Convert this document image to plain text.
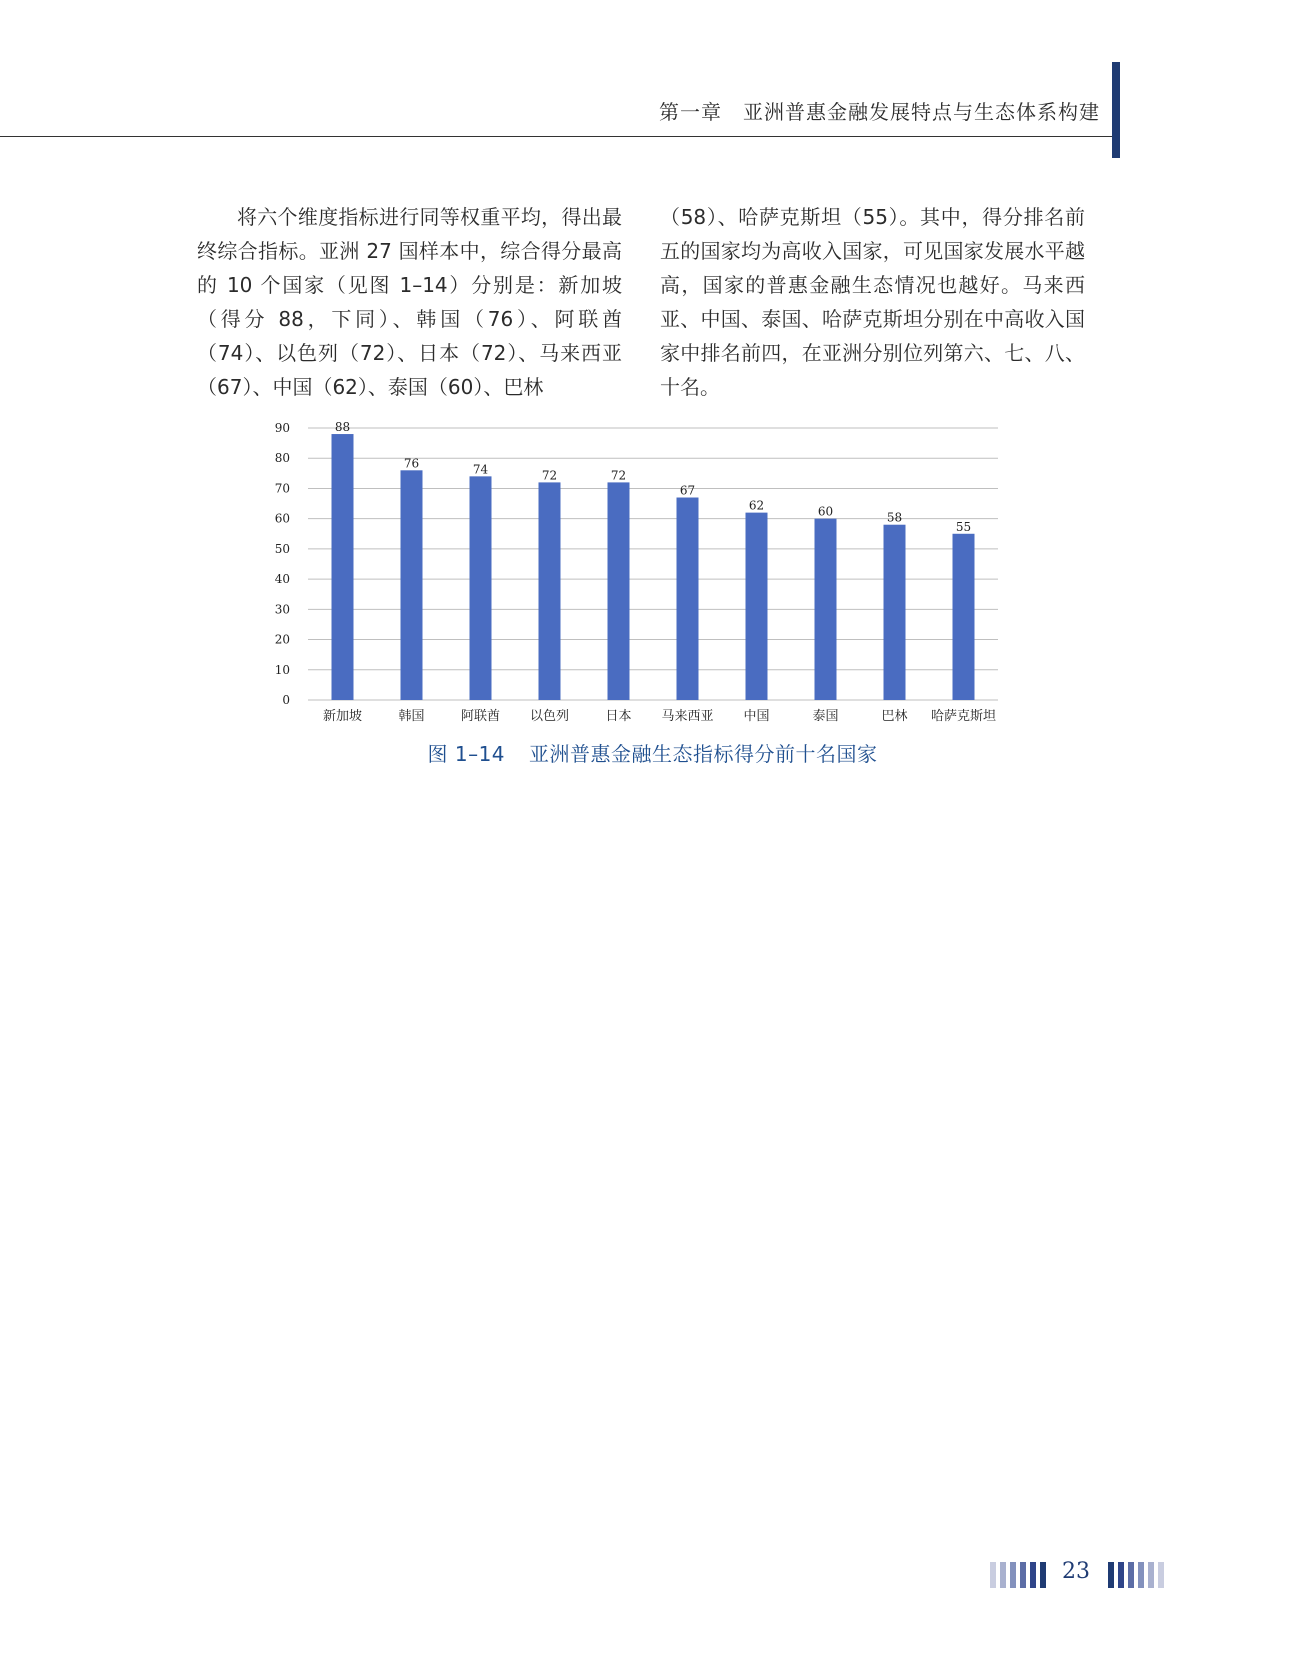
第一章　亚洲普惠金融发展特点与生态体系构建

将六个维度指标进行同等权重平均，得出最终综合指标。亚洲 27 国样本中，综合得分最高的 10 个国家（见图 1–14）分别是：新加坡（得分 88，下同）、韩国（76）、阿联酋（74）、以色列（72）、日本（72）、马来西亚（67）、中国（62）、泰国（60）、巴林

（58）、哈萨克斯坦（55）。其中，得分排名前五的国家均为高收入国家，可见国家发展水平越高，国家的普惠金融生态情况也越好。马来西亚、中国、泰国、哈萨克斯坦分别在中高收入国家中排名前四，在亚洲分别位列第六、七、八、十名。

0
10
20
30
40
50
60
70
80
90	88
新加坡
76
韩国
74
阿联酋
72
以色列
72
日本
67
马来西亚
62
中国
60
泰国
58
巴林
55
哈萨克斯坦
图 1–14 亚洲普惠金融生态指标得分前十名国家
23
